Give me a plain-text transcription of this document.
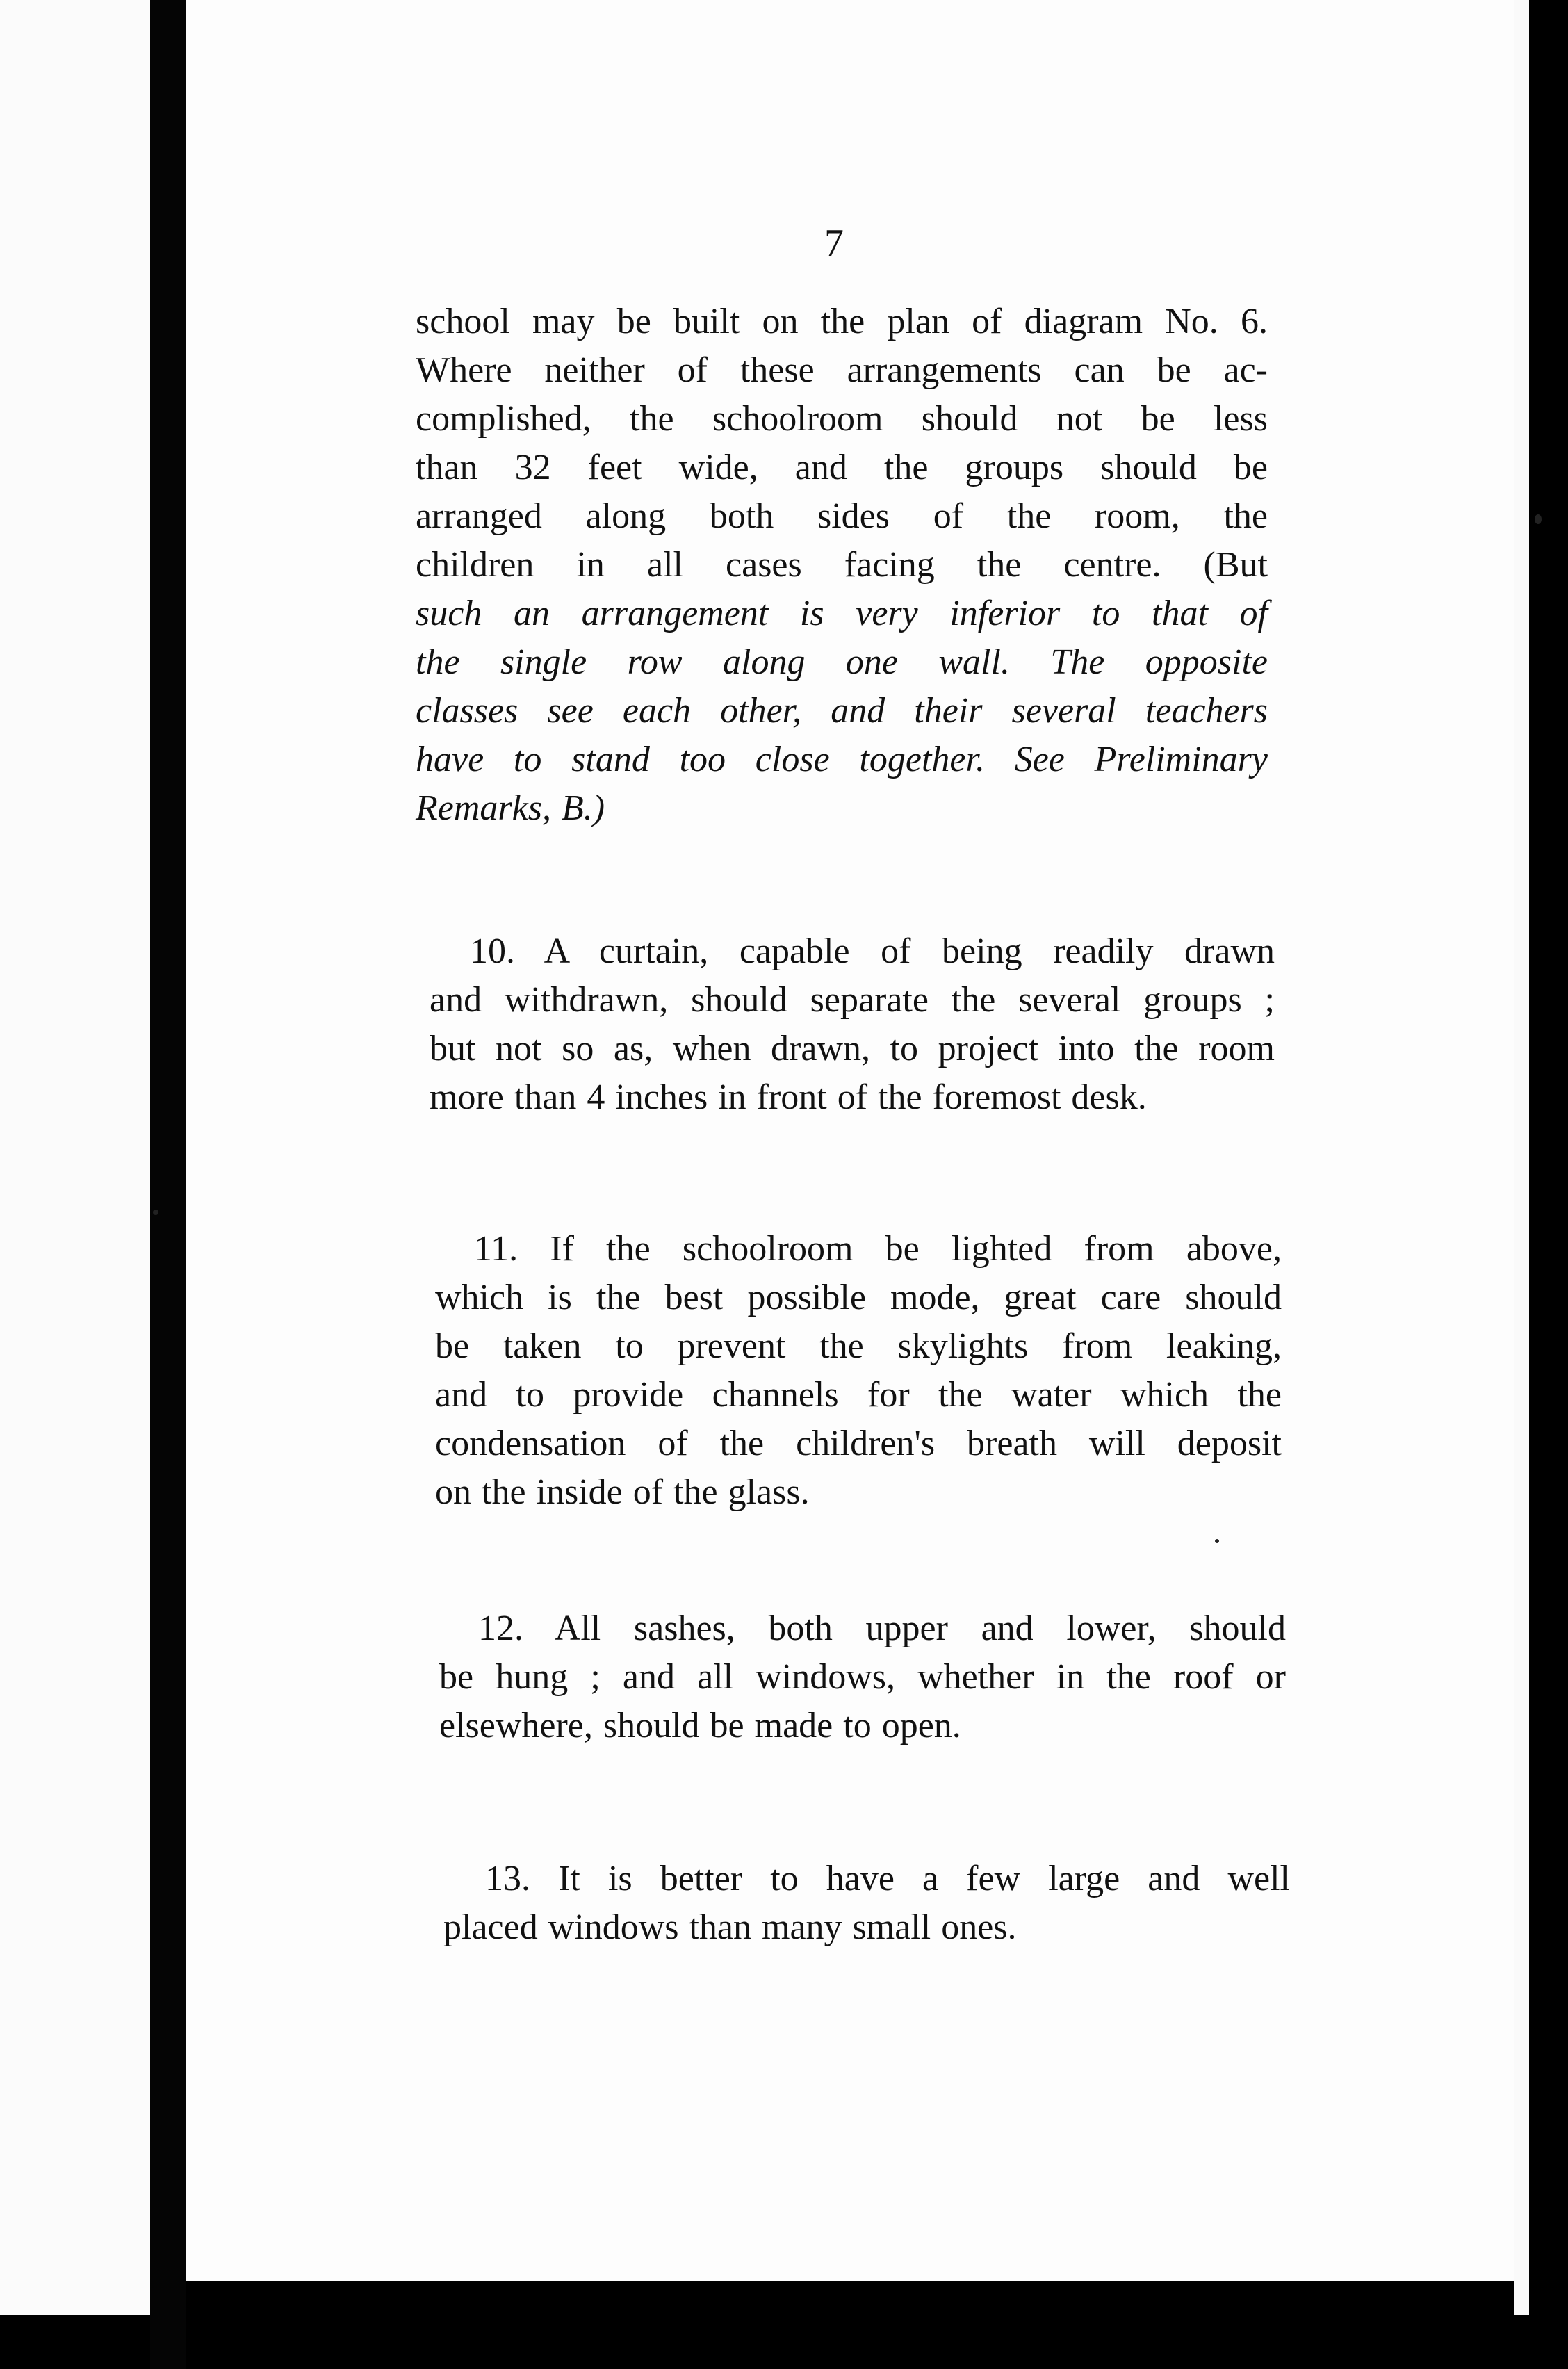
7
school may be built on the plan of diagram No. 6.
Where neither of these arrangements can be ac-
complished, the schoolroom should not be less
than 32 feet wide, and the groups should be
arranged along both sides of the room, the
children in all cases facing the centre. (But
such an arrangement is very inferior to that of
the single row along one wall. The opposite
classes see each other, and their several teachers
have to stand too close together. See Preliminary
Remarks, B.)
10. A curtain, capable of being readily drawn
and withdrawn, should separate the several groups ;
but not so as, when drawn, to project into the room
more than 4 inches in front of the foremost desk.
11. If the schoolroom be lighted from above,
which is the best possible mode, great care should
be taken to prevent the skylights from leaking,
and to provide channels for the water which the
condensation of the children's breath will deposit
on the inside of the glass.
12. All sashes, both upper and lower, should
be hung ; and all windows, whether in the roof or
elsewhere, should be made to open.
13. It is better to have a few large and well
placed windows than many small ones.
